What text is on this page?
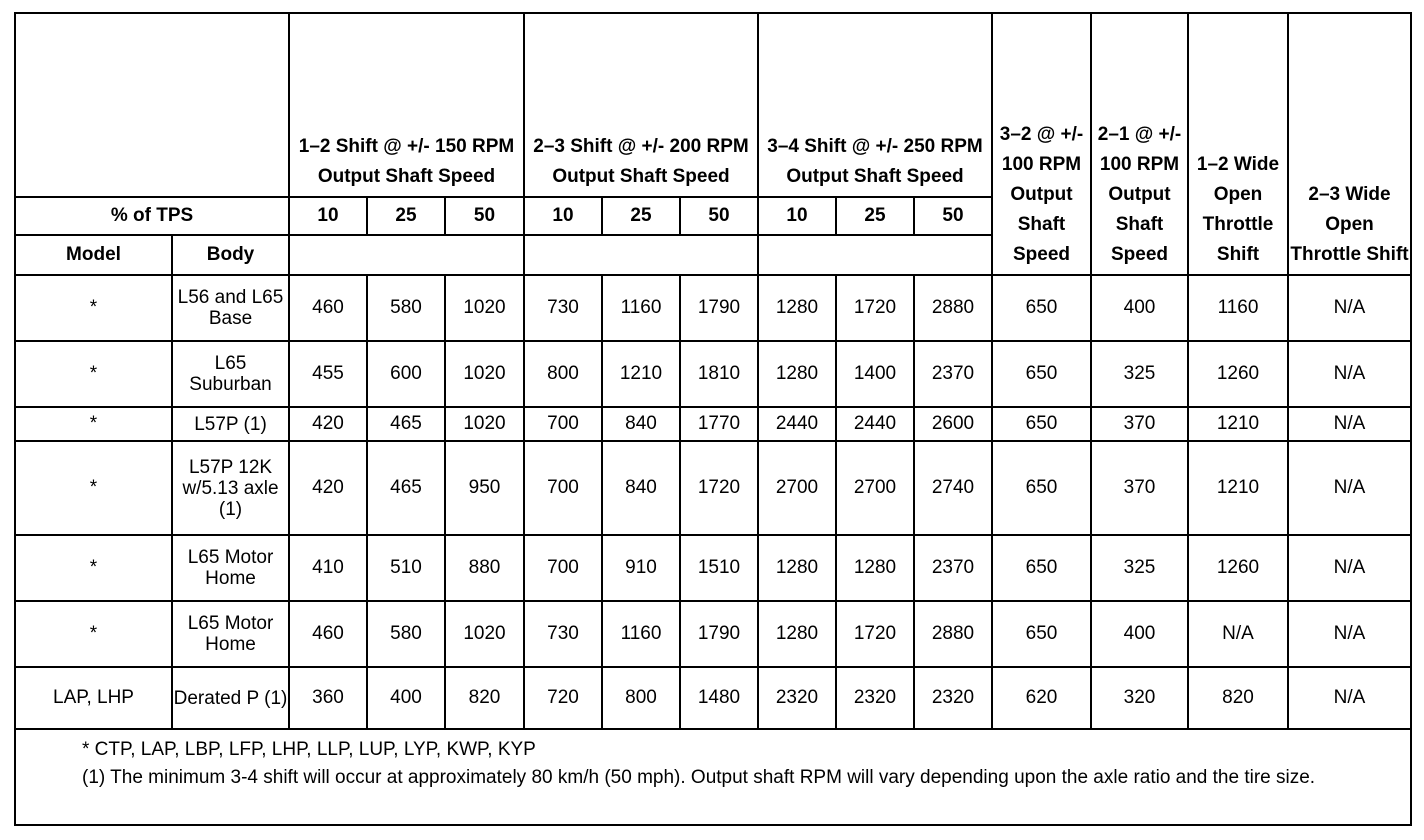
		1–2 Shift @ +/- 150 RPM Output Shaft Speed			2–3 Shift @ +/- 200 RPM Output Shaft Speed			3–4 Shift @ +/- 250 RPM Output Shaft Speed			3–2 @ +/- 100 RPM Output Shaft Speed	2–1 @ +/- 100 RPM Output Shaft Speed	1–2 Wide Open Throttle Shift	2–3 Wide Open Throttle Shift
% of TPS		10	25	50	10	25	50	10	25	50				
Model	Body													
*	L56 and L65 Base	460	580	1020	730	1160	1790	1280	1720	2880	650	400	1160	N/A
*	L65 Suburban	455	600	1020	800	1210	1810	1280	1400	2370	650	325	1260	N/A
*	L57P (1)	420	465	1020	700	840	1770	2440	2440	2600	650	370	1210	N/A
*	L57P 12K w/5.13 axle (1)	420	465	950	700	840	1720	2700	2700	2740	650	370	1210	N/A
*	L65 Motor Home	410	510	880	700	910	1510	1280	1280	2370	650	325	1260	N/A
*	L65 Motor Home	460	580	1020	730	1160	1790	1280	1720	2880	650	400	N/A	N/A
LAP, LHP	Derated P (1)	360	400	820	720	800	1480	2320	2320	2320	620	320	820	N/A

* CTP, LAP, LBP, LFP, LHP, LLP, LUP, LYP, KWP, KYP
(1) The minimum 3-4 shift will occur at approximately 80 km/h (50 mph). Output shaft RPM will vary depending upon the axle ratio and the tire size.														
